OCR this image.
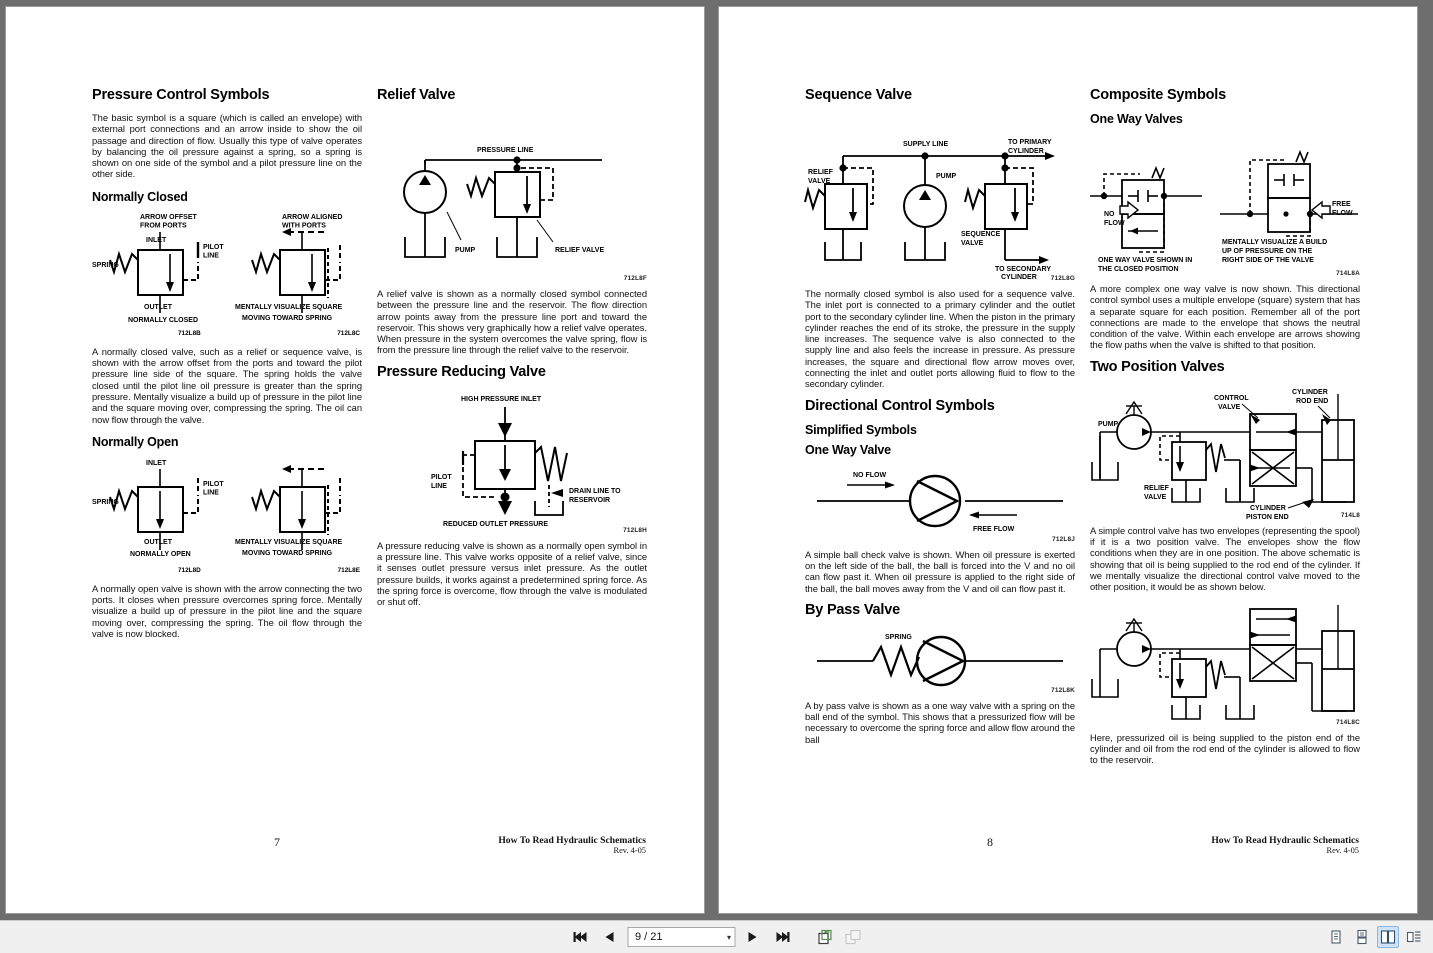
Pressure Control Symbols

The basic symbol is a square (which is called an envelope) with external port connections and an arrow inside to show the oil passage and direction of flow. Usually this type of valve operates by balancing the oil pressure against a spring, so a spring is shown on one side of the symbol and a pilot pressure line on the other side.

Normally Closed
ARROW OFFSET
FROM PORTS
ARROW ALIGNED
WITH PORTS
INLET
SPRING
PILOT
LINE
OUTLET
NORMALLY CLOSED
MENTALLY VISUALIZE SQUARE
MOVING TOWARD SPRING
712L8B	712L8C

A normally closed valve, such as a relief or sequence valve, is shown with the arrow offset from the ports and toward the pilot pressure line side of the square. The spring holds the valve closed until the pilot line oil pressure is greater than the spring pressure. Mentally visualize a build up of pressure in the pilot line and the square moving over, compressing the spring. The oil can now flow through the valve.

Normally Open
INLET
SPRING
PILOT
LINE
OUTLET
NORMALLY OPEN
MENTALLY VISUALIZE SQUARE
MOVING TOWARD SPRING
712L8D	712L8E

A normally open valve is shown with the arrow connecting the two ports. It closes when pressure overcomes spring force. Mentally visualize a build up of pressure in the pilot line and the square moving over, compressing the spring. The oil flow through the valve is now blocked.

Relief Valve
PRESSURE LINE
PUMP	RELIEF VALVE
712L8F

A relief valve is shown as a normally closed symbol connected between the pressure line and the reservoir. The flow direction arrow points away from the pressure line port and toward the reservoir. This shows very graphically how a relief valve operates. When pressure in the system overcomes the valve spring, flow is from the pressure line through the relief valve to the reservoir.

Pressure Reducing Valve
HIGH PRESSURE INLET
PILOT
LINE
DRAIN LINE TO
RESERVOIR
REDUCED OUTLET PRESSURE
712L8H

A pressure reducing valve is shown as a normally open symbol in a pressure line. This valve works opposite of a relief valve, since it senses outlet pressure versus inlet pressure. As the outlet pressure builds, it works against a predetermined spring force. As the spring force is overcome, flow through the valve is modulated or shut off.

7	How To Read Hydraulic Schematics
Rev. 4-05
Sequence Valve
SUPPLY LINE
RELIEF
VALVE
PUMP
SEQUENCE
VALVE
TO PRIMARY
CYLINDER
TO SECONDARY
CYLINDER	712L8G

The normally closed symbol is also used for a sequence valve. The inlet port is connected to a primary cylinder and the outlet port to the secondary cylinder line. When the piston in the primary cylinder reaches the end of its stroke, the pressure in the supply line increases. The sequence valve is also connected to the supply line and also feels the increase in pressure. As pressure increases, the square and directional flow arrow moves over, connecting the inlet and outlet ports allowing fluid to flow to the secondary cylinder.

Directional Control Symbols
Simplified Symbols
One Way Valve
NO FLOW
FREE FLOW
712L8J

A simple ball check valve is shown. When oil pressure is exerted on the left side of the ball, the ball is forced into the V and no oil can flow past it. When oil pressure is applied to the right side of the ball, the ball moves away from the V and oil can flow past it.

By Pass Valve
SPRING
712L8K

A by pass valve is shown as a one way valve with a spring on the ball end of the symbol. This shows that a pressurized flow will be necessary to overcome the spring force and allow flow around the ball

Composite Symbols
One Way Valves
NO
FLOW
FREE
FLOW
ONE WAY VALVE SHOWN IN
THE CLOSED POSITION
MENTALLY VISUALIZE A BUILD
UP OF PRESSURE ON THE
RIGHT SIDE OF THE VALVE
714L8A

A more complex one way valve is now shown. This directional control symbol uses a multiple envelope (square) system that has a separate square for each position. Remember all of the port connections are made to the envelope that shows the neutral condition of the valve. Within each envelope are arrows showing the flow paths when the valve is shifted to that position.

Two Position Valves
PUMP
RELIEF
VALVE
CONTROL
VALVE
CYLINDER
ROD END
CYLINDER
PISTON END	714L8

A simple control valve has two envelopes (representing the spool) if it is a two position valve. The envelopes show the flow conditions when they are in one position. The above schematic is showing that oil is being supplied to the rod end of the cylinder. If we mentally visualize the directional control valve moved to the other position, it would be as shown below.

714L8C

Here, pressurized oil is being supplied to the piston end of the cylinder and oil from the rod end of the cylinder is allowed to flow to the reservoir.

8	How To Read Hydraulic Schematics
Rev. 4-05
9 / 21	▾
